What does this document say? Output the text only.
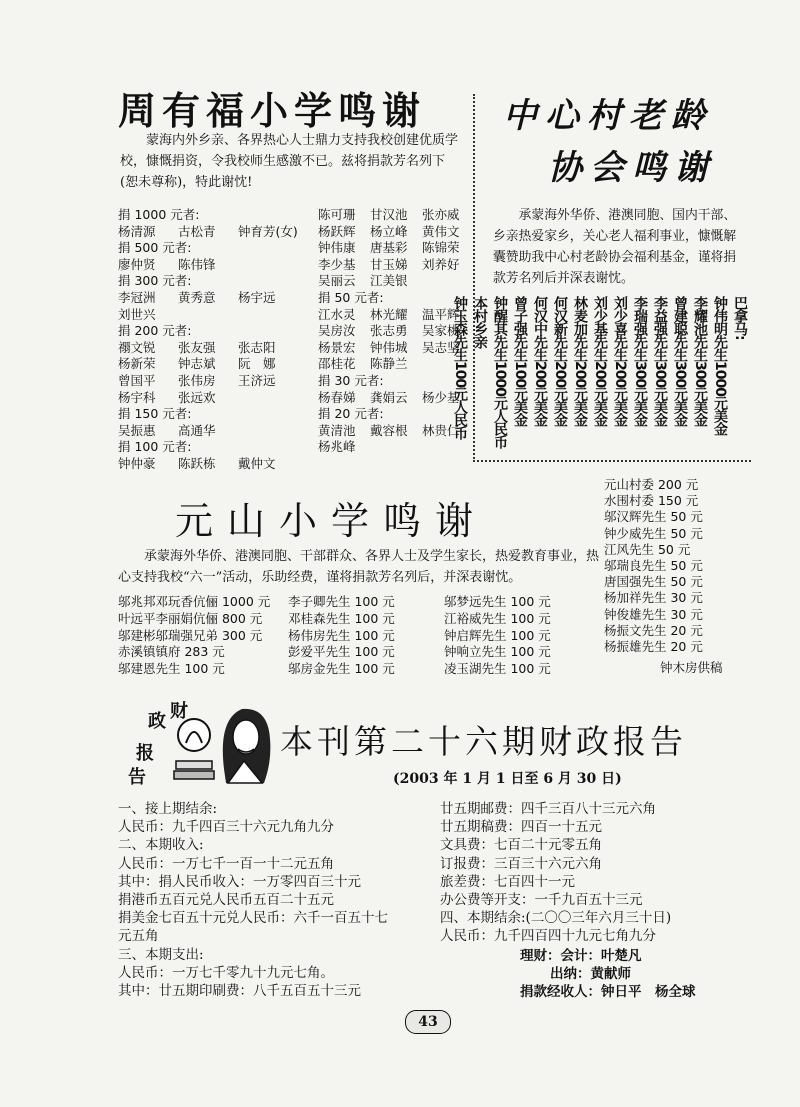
周有福小学鸣谢
蒙海内外乡亲、各界热心人士鼎力支持我校创建优质学校，慷慨捐资，令我校师生感激不已。兹将捐款芳名列下(恕未尊称)，特此谢忱!
捐 1000 元者:
杨清源	古松青	钟育芳(女)
捐 500 元者:
廖仲贤	陈伟锋
捐 300 元者:
李冠洲	黄秀意	杨宇远
刘世兴
捐 200 元者:
禤文锐	张友强	张志阳
杨新荣	钟志斌	阮　娜
曾国平	张伟房	王济远
杨宇科	张远欢
捐 150 元者:
吴振惠	高通华
捐 100 元者:
钟仲豪	陈跃栋	戴仲文
陈可珊	甘汉池	张亦威
杨跃辉	杨立峰	黄伟文
钟伟康	唐基彩	陈锦荣
李少基	甘玉娣	刘养好
吴丽云	江美银
捐 50 元者:
江水灵	林光耀	温平辉
吴房汝	张志勇	吴家桃
杨景宏	钟伟城	吴志坚
邵桂花	陈静兰
捐 30 元者:
杨春娣	龚娟云	杨少基
捐 20 元者:
黄清池	戴容根	林贵仁
杨兆峰
中心村老龄
协会鸣谢
承蒙海外华侨、港澳同胞、国内干部、乡亲热爱家乡，关心老人福利事业，慷慨解囊赞助我中心村老龄协会福利基金，谨将捐款芳名列后并深表谢忱。
巴拿马:
钟伟明先生1000元美金
李耀池先生300元美金
曾建聪先生300元美金
李益强先生300元美金
李瑞强先生300元美金
刘少喜先生200元美金
刘少基先生200元美金
林麦加先生200元美金
何汉新先生200元美金
何汉中先生200元美金
曾子强先生100元美金
钟醒其先生1000元人民币
本村乡亲
钟玉森先生100元人民币
元山小学鸣谢
承蒙海外华侨、港澳同胞、干部群众、各界人士及学生家长，热爱教育事业，热心支持我校“六一”活动，乐助经费，谨将捐款芳名列后，并深表谢忱。
邬兆邦邓玩香伉俪 1000 元
叶远平李丽娟伉俪 800 元
邬建彬邬瑞强兄弟 300 元
赤溪镇镇府 283 元
邬建恩先生 100 元
李子卿先生 100 元
邓桂森先生 100 元
杨伟房先生 100 元
彭爱平先生 100 元
邬房金先生 100 元
邬梦远先生 100 元
江裕威先生 100 元
钟启辉先生 100 元
钟响立先生 100 元
凌玉湖先生 100 元
元山村委 200 元
水围村委 150 元
邬汉辉先生 50 元
钟少威先生 50 元
江风先生 50 元
邬瑞良先生 50 元
唐国强先生 50 元
杨加祥先生 30 元
钟俊雄先生 30 元
杨振文先生 20 元
杨振雄先生 20 元
钟木房供稿
财
政
报
告
本刊第二十六期财政报告
(2003 年 1 月 1 日至 6 月 30 日)
一、接上期结余:
人民币：九千四百三十六元九角九分
二、本期收入:
人民币：一万七千一百一十二元五角
其中：捐人民币收入：一万零四百三十元
捐港币五百元兑人民币五百二十五元
捐美金七百五十元兑人民币：六千一百五十七
元五角
三、本期支出:
人民币：一万七千零九十九元七角。
其中：廿五期印刷费：八千五百五十三元
廿五期邮费：四千三百八十三元六角
廿五期稿费：四百一十五元
文具费：七百二十元零五角
订报费：三百三十六元六角
旅差费：七百四十一元
办公费等开支：一千九百五十三元
四、本期结余:(二〇〇三年六月三十日)
人民币：九千四百四十九元七角九分
理财：会计：叶楚凡
出纳：黄献师
捐款经收人：钟日平　杨全球
43
